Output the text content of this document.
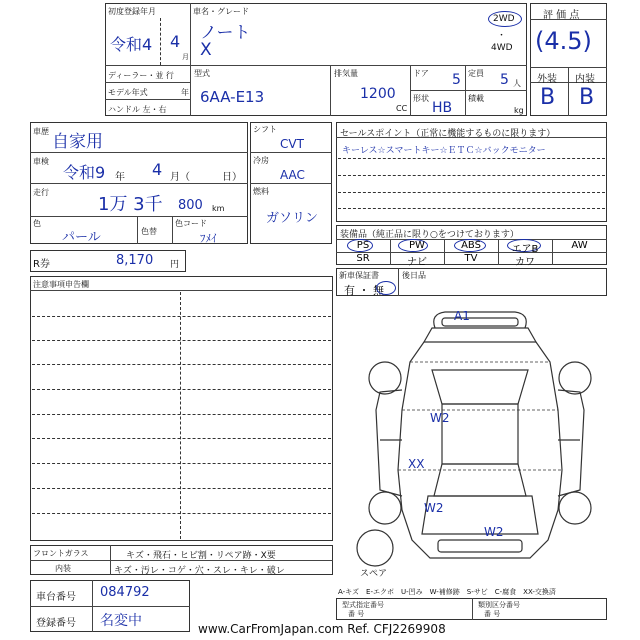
初度登録年月
令和4 4
月
車名・グレード
ノート
X
2WD
・
4WD
ディーラー・並 行
モデル年式	年
ハンドル 左・右
型式
6AA-E13
排気量
1200
CC
ドア 5
形状
HB
定員 5 人
積載
kg
評 価 点
(4.5)
外装 内装
B B
車歴
自家用
車検
令和9 年 4 月（	日）
走行
1万 3千 800 km
色
パール	色替
色コード
ﾌﾒｲ
シフト
CVT
冷房
AAC
燃料
ガソリン
セールスポイント（正常に機能するものに限ります）
キーレス☆スマートキー☆ＥＴＣ☆バックモニター
装備品（純正品に限り○をつけております）
PS	PW	ABS	エアB	AW
SR	ナビ	TV	カワ
R券	8,170 円
新車保証書
有 ・ 無
後日品
注意事項申告欄
A1
W2
XX
W2
W2
スペア
フロントガラス	キズ・飛石・ヒビ割・リペア跡・X要
内装	キズ・汚レ・コゲ・穴・スレ・キレ・破レ
A-キズ　E-エクボ　U-凹み　W-補修跡　S-サビ　C-腐食　XX-交換済
車台番号 084792
登録番号 名変中
型式指定番号
番 号
類別区分番号
番 号
www.CarFromJapan.com Ref. CFJ2269908
